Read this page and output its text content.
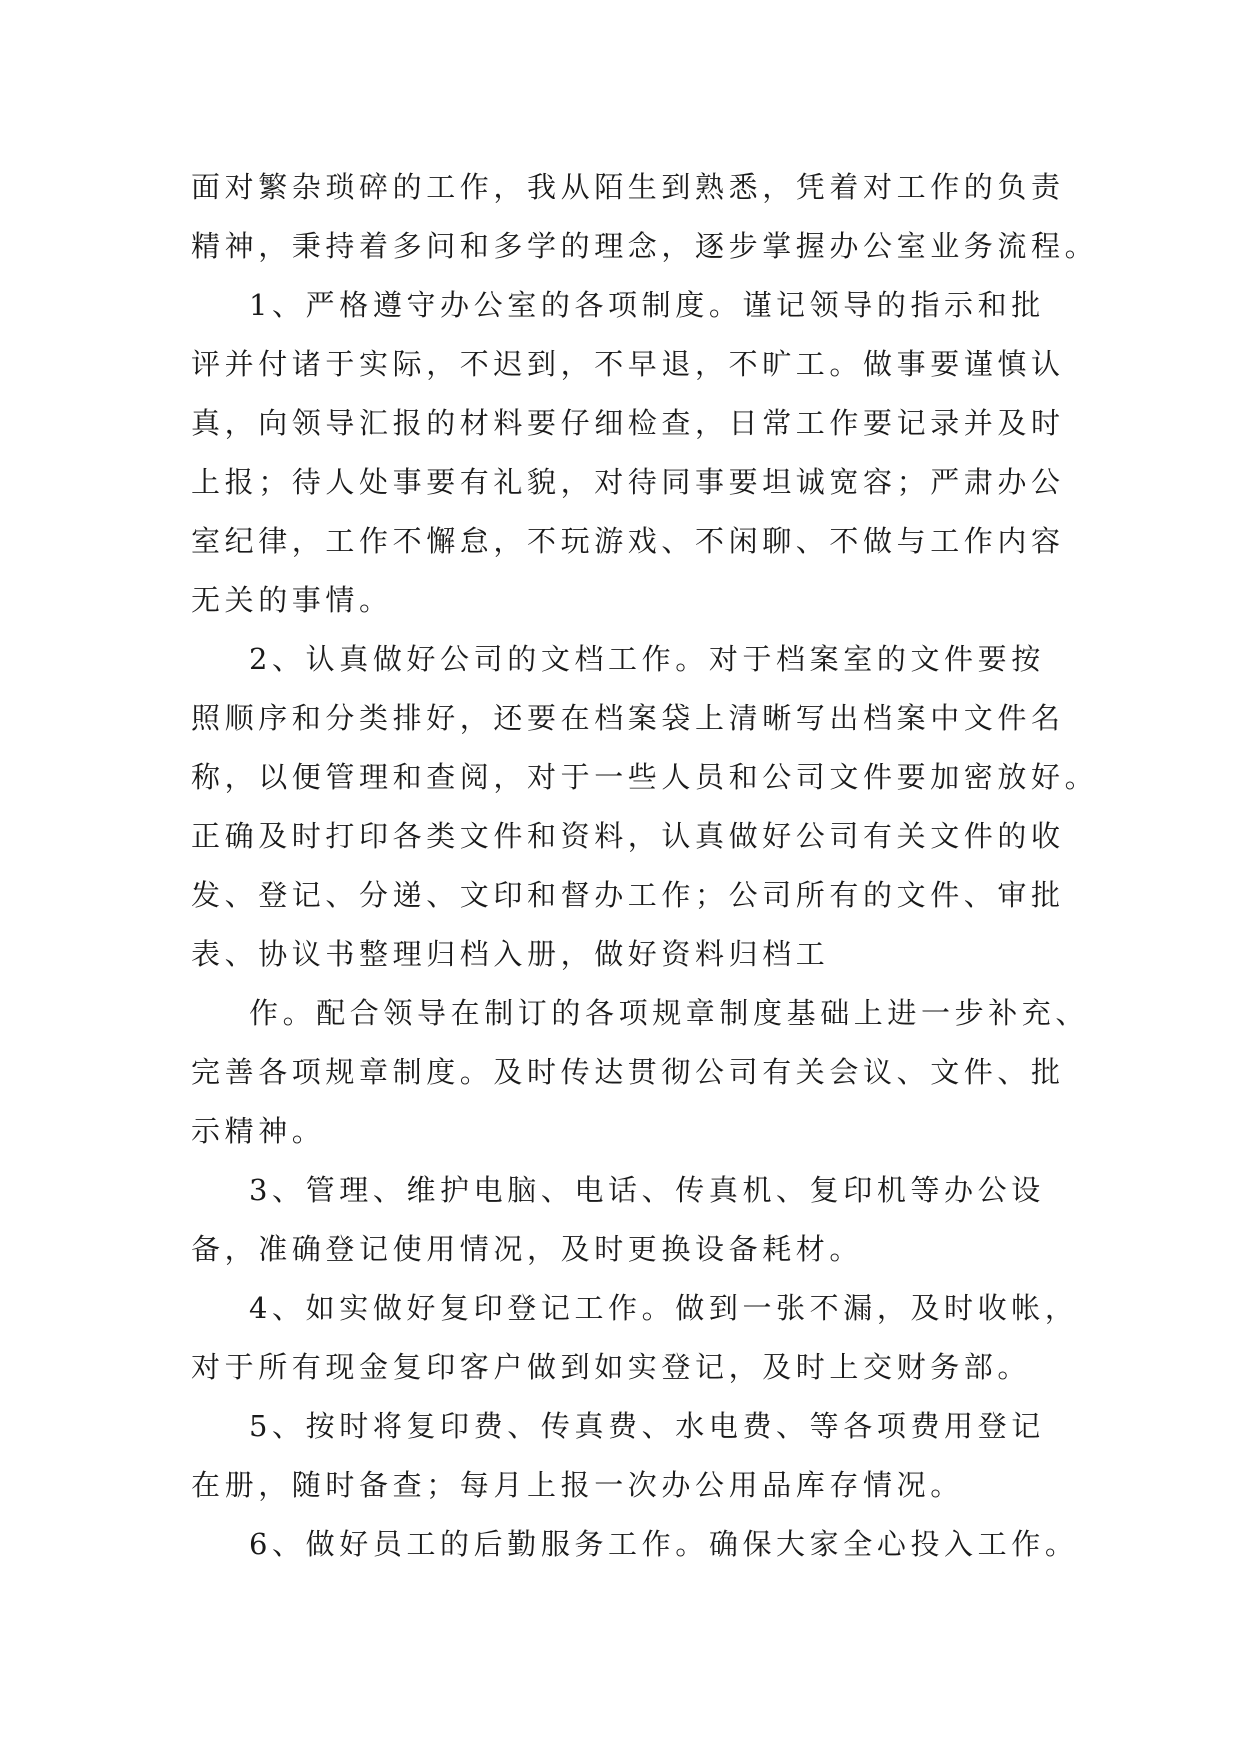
面对繁杂琐碎的工作，我从陌生到熟悉，凭着对工作的负责
精神，秉持着多问和多学的理念，逐步掌握办公室业务流程。
1、严格遵守办公室的各项制度。谨记领导的指示和批
评并付诸于实际，不迟到，不早退，不旷工。做事要谨慎认
真，向领导汇报的材料要仔细检查，日常工作要记录并及时
上报；待人处事要有礼貌，对待同事要坦诚宽容；严肃办公
室纪律，工作不懈怠，不玩游戏、不闲聊、不做与工作内容
无关的事情。
2、认真做好公司的文档工作。对于档案室的文件要按
照顺序和分类排好，还要在档案袋上清晰写出档案中文件名
称，以便管理和查阅，对于一些人员和公司文件要加密放好。
正确及时打印各类文件和资料，认真做好公司有关文件的收
发、登记、分递、文印和督办工作；公司所有的文件、审批
表、协议书整理归档入册，做好资料归档工
作。配合领导在制订的各项规章制度基础上进一步补充、
完善各项规章制度。及时传达贯彻公司有关会议、文件、批
示精神。
3、管理、维护电脑、电话、传真机、复印机等办公设
备，准确登记使用情况，及时更换设备耗材。
4、如实做好复印登记工作。做到一张不漏，及时收帐，
对于所有现金复印客户做到如实登记，及时上交财务部。
5、按时将复印费、传真费、水电费、等各项费用登记
在册，随时备查；每月上报一次办公用品库存情况。
6、做好员工的后勤服务工作。确保大家全心投入工作。
